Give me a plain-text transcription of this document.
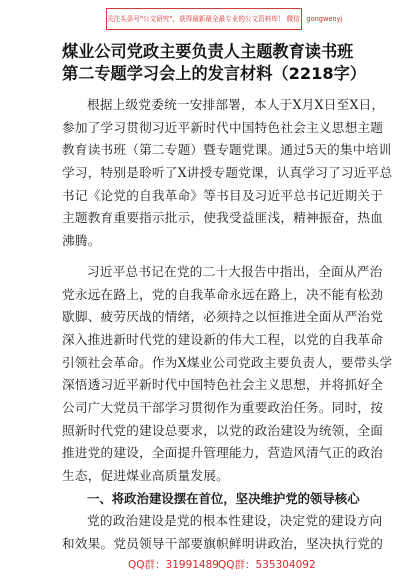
关注头条号"公文研究"，获得最新最全最专业的公文资料库！ 微信：gongwenyj
煤业公司党政主要负责人主题教育读书班
第二专题学习会上的发言材料（2218字）
根据上级党委统一安排部署，本人于X月X日至X日，
参加了学习贯彻习近平新时代中国特色社会主义思想主题
教育读书班（第二专题）暨专题党课。通过5天的集中培训
学习，特别是聆听了X讲授专题党课，认真学习了习近平总
书记《论党的自我革命》等书目及习近平总书记近期关于
主题教育重要指示批示，使我受益匪浅，精神振奋，热血
沸腾。
习近平总书记在党的二十大报告中指出，全面从严治
党永远在路上，党的自我革命永远在路上，决不能有松劲
歇脚、疲劳厌战的情绪，必须持之以恒推进全面从严治党
深入推进新时代党的建设新的伟大工程，以党的自我革命
引领社会革命。作为X煤业公司党政主要负责人，要带头学
深悟透习近平新时代中国特色社会主义思想，并将抓好全
公司广大党员干部学习贯彻作为重要政治任务。同时，按
照新时代党的建设总要求，以党的政治建设为统领，全面
推进党的建设，全面提升管理能力，营造风清气正的政治
生态，促进煤业高质量发展。
一、将政治建设摆在首位，坚决维护党的领导核心
党的政治建设是党的根本性建设，决定党的建设方向
和效果。党员领导干部要旗帜鲜明讲政治，坚决执行党的
QQ群：31991489 QQ群：535304092
